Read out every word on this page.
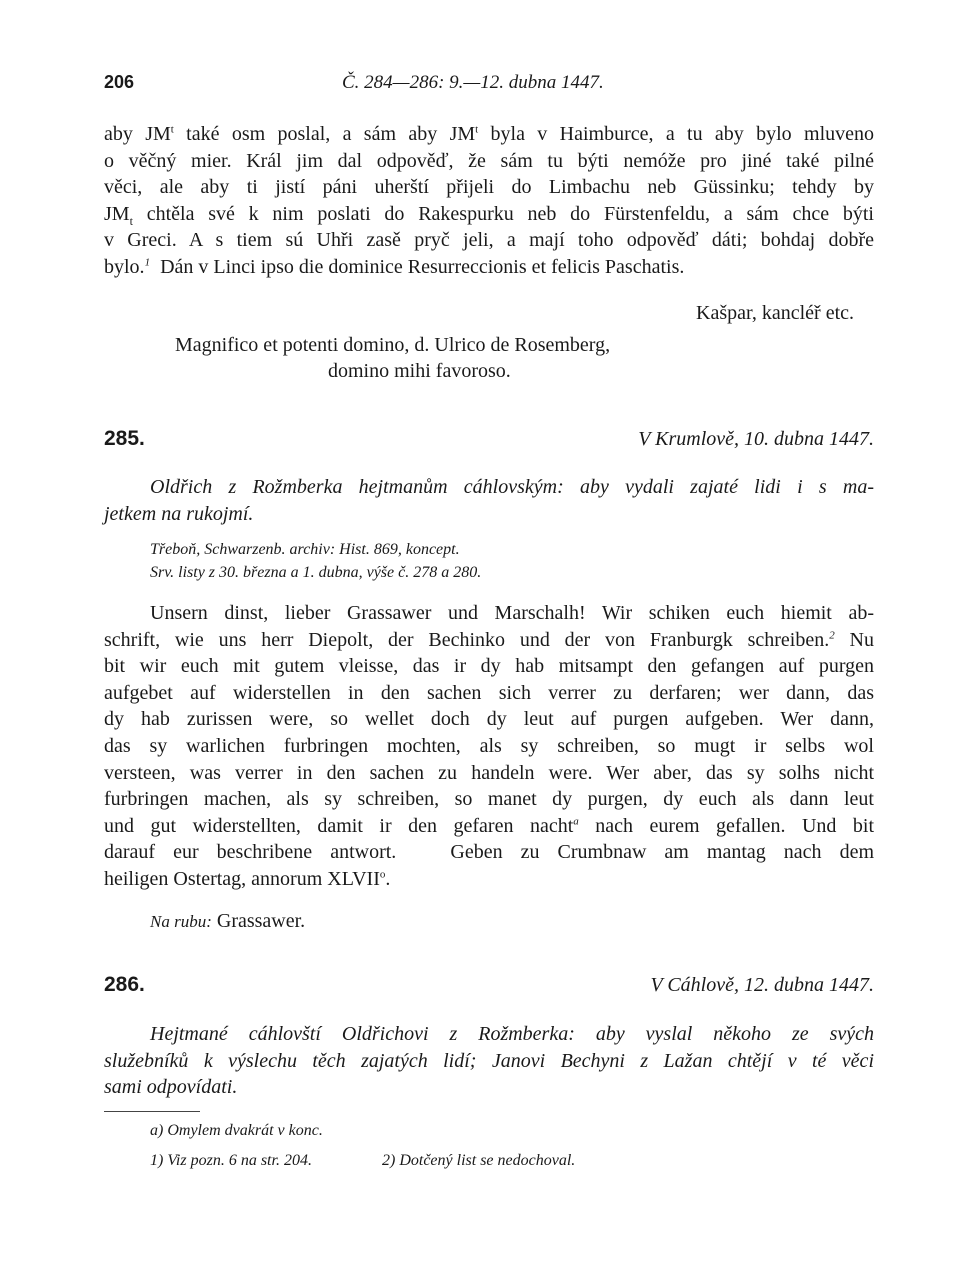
206	Č. 284—286: 9.—12. dubna 1447.
aby $JM^t$ také osm poslal, a sám aby $JM^t$ byla v Haimburce, a tu aby bylo mluveno
o věčný mier. Král jim dal odpověď, že sám tu býti nemóže pro jiné také pilné
věci, ale aby ti jistí páni uherští přijeli do Limbachu neb Güssinku; tehdy by
$JM_t$ chtěla své k nim poslati do Rakespurku neb do Fürstenfeldu, a sám chce býti
v Greci. A s tiem sú Uhři zasě pryč jeli, a mají toho odpověď dáti; bohdaj dobře
bylo.$^1$  Dán v Linci ipso die dominice Resurreccionis et felicis Paschatis.
Kašpar, kancléř etc.
Magnifico et potenti domino, d. Ulrico de Rosemberg,
domino mihi favoroso.
285.	V Krumlově, 10. dubna 1447.
Oldřich z Rožmberka hejtmanům cáhlovským: aby vydali zajaté lidi i s ma-
jetkem na rukojmí.
Třeboň, Schwarzenb. archiv: Hist. 869, koncept.
Srv. listy z 30. března a 1. dubna, výše č. 278 a 280.
Unsern dinst, lieber Grassawer und Marschalh! Wir schiken euch hiemit ab-
schrift, wie uns herr Diepolt, der Bechinko und der von Franburgk schreiben.$^2$ Nu
bit wir euch mit gutem vleisse, das ir dy hab mitsampt den gefangen auf purgen
aufgebet auf widerstellen in den sachen sich verrer zu derfaren; wer dann, das
dy hab zurissen were, so wellet doch dy leut auf purgen aufgeben. Wer dann,
das sy warlichen furbringen mochten, als sy schreiben, so mugt ir selbs wol
versteen, was verrer in den sachen zu handeln were. Wer aber, das sy solhs nicht
furbringen machen, als sy schreiben, so manet dy purgen, dy euch als dann leut
und gut widerstellten, damit ir den gefaren nacht$^a$ nach eurem gefallen. Und bit
darauf eur beschribene antwort.   Geben zu Crumbnaw am mantag nach dem
heiligen Ostertag, annorum XLVII$^o$.
Na rubu: Grassawer.
286.	V Cáhlově, 12. dubna 1447.
Hejtmané cáhlovští Oldřichovi z Rožmberka: aby vyslal někoho ze svých
služebníků k výslechu těch zajatých lidí; Janovi Bechyni z Lažan chtějí v té věci
sami odpovídati.
a) Omylem dvakrát v konc.
1) Viz pozn. 6 na str. 204.	2) Dotčený list se nedochoval.
